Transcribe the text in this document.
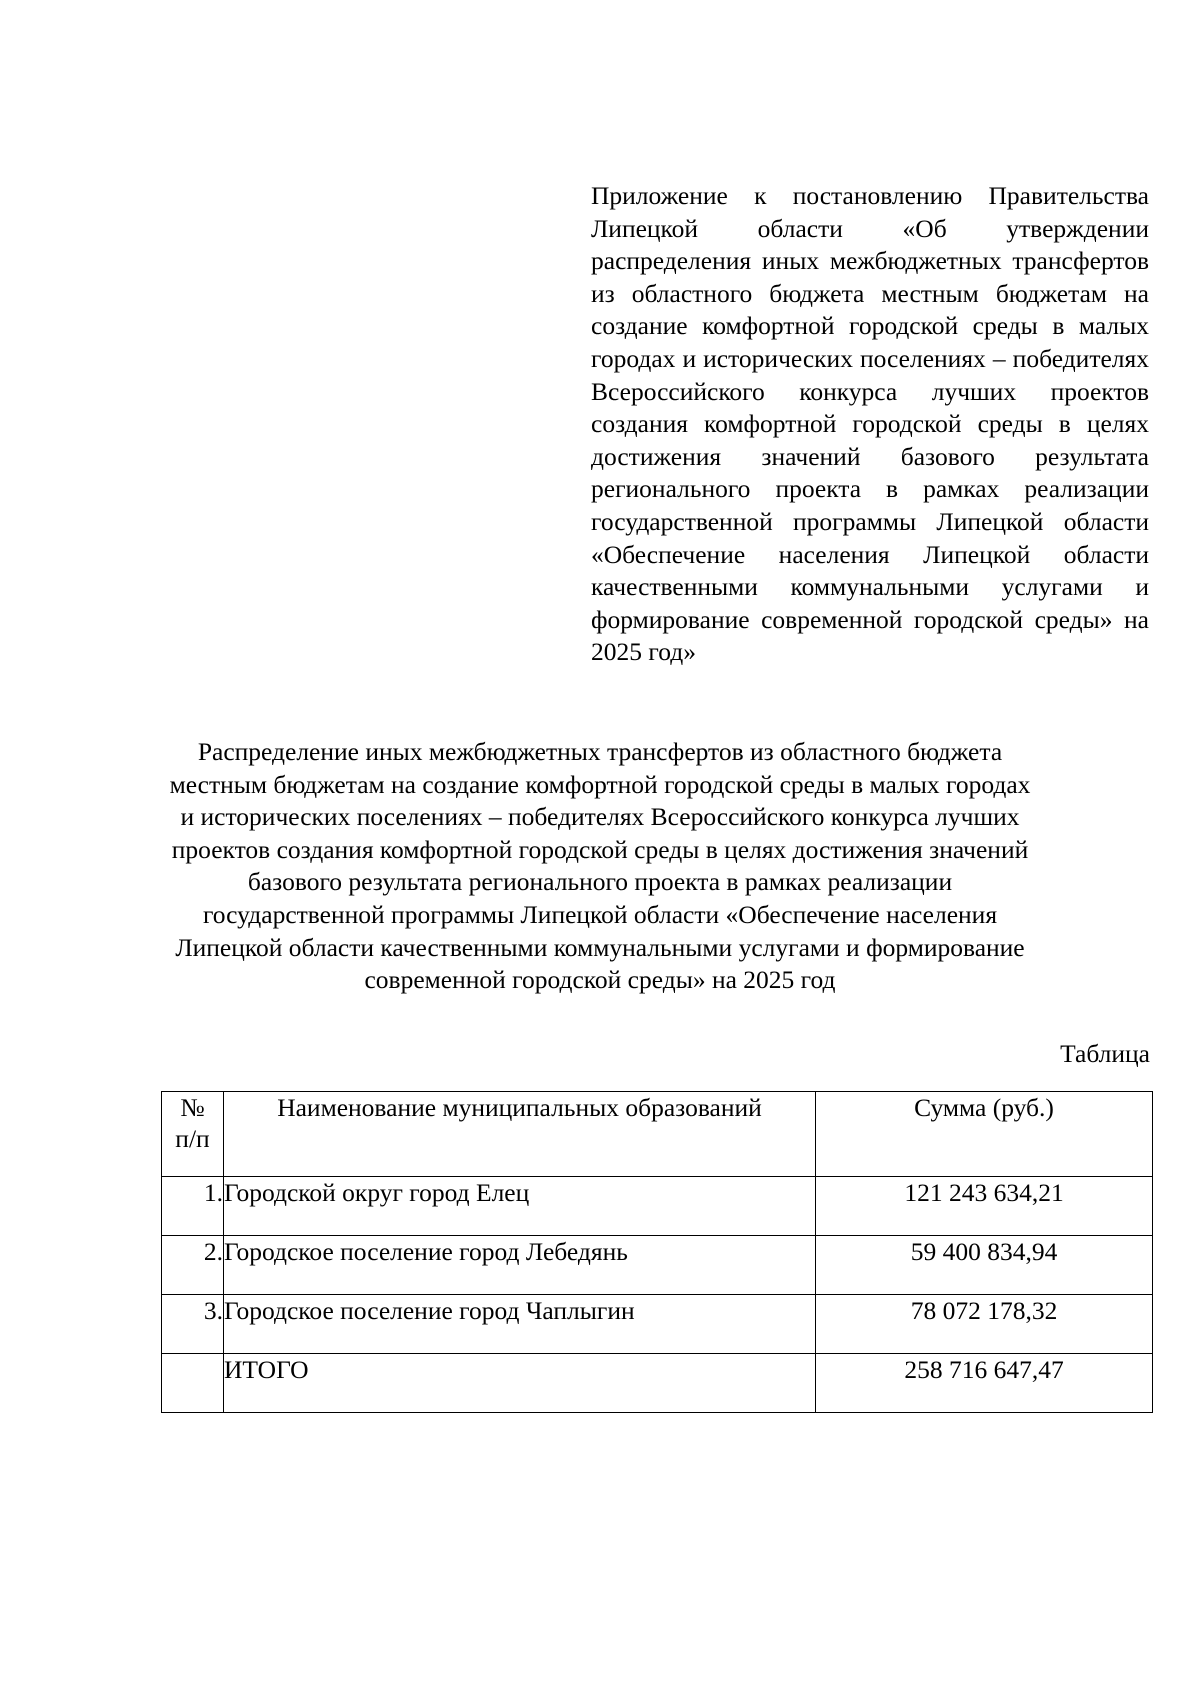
Приложение к постановлению Правительства Липецкой области «Об утверждении распределения иных межбюджетных трансфертов из областного бюджета местным бюджетам на создание комфортной городской среды в малых городах и исторических поселениях – победителях Всероссийского конкурса лучших проектов создания комфортной городской среды в целях достижения значений базового результата регионального проекта в рамках реализации государственной программы Липецкой области «Обеспечение населения Липецкой области качественными коммунальными услугами и формирование современной городской среды» на 2025 год»
Распределение иных межбюджетных трансфертов из областного бюджета
местным бюджетам на создание комфортной городской среды в малых городах
и исторических поселениях – победителях Всероссийского конкурса лучших
проектов создания комфортной городской среды в целях достижения значений
базового результата регионального проекта в рамках реализации
государственной программы Липецкой области «Обеспечение населения
Липецкой области качественными коммунальными услугами и формирование
современной городской среды» на 2025 год
Таблица
№
п/п	Наименование муниципальных образований	Сумма (руб.)
1.	Городской округ город Елец	121 243 634,21
2.	Городское поселение город Лебедянь	59 400 834,94
3.	Городское поселение город Чаплыгин	78 072 178,32
	ИТОГО	258 716 647,47
